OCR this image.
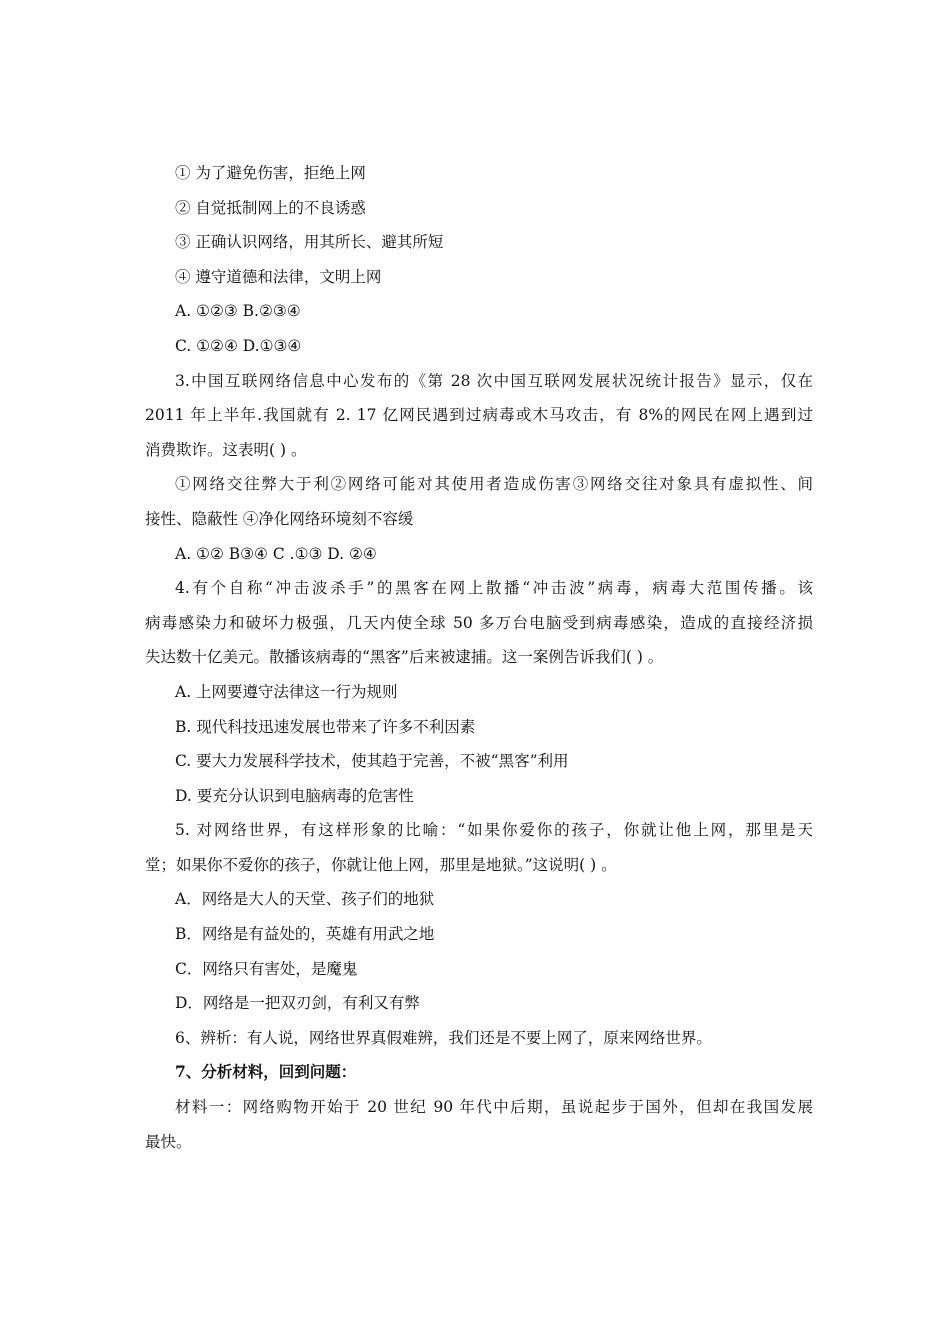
① 为了避免伤害，拒绝上网
② 自觉抵制网上的不良诱惑
③ 正确认识网络，用其所长、避其所短
④ 遵守道德和法律，文明上网
A. ①②③ B.②③④
C. ①②④ D.①③④
3.中国互联网络信息中心发布的《第 28 次中国互联网发展状况统计报告》显示，仅在
2011 年上半年.我国就有 2. 17 亿网民遇到过病毒或木马攻击，有 8%的网民在网上遇到过
消费欺诈。这表明( ) 。
①网络交往弊大于利②网络可能对其使用者造成伤害③网络交往对象具有虚拟性、间
接性、隐蔽性 ④净化网络环境刻不容缓
A. ①② B③④ C .①③ D. ②④
4.有个自称“冲击波杀手”的黑客在网上散播“冲击波”病毒，病毒大范围传播。该
病毒感染力和破坏力极强，几天内使全球 50 多万台电脑受到病毒感染，造成的直接经济损
失达数十亿美元。散播该病毒的“黑客”后来被逮捕。这一案例告诉我们( ) 。
A. 上网要遵守法律这一行为规则
B. 现代科技迅速发展也带来了许多不利因素
C. 要大力发展科学技术，使其趋于完善，不被“黑客”利用
D. 要充分认识到电脑病毒的危害性
5. 对网络世界，有这样形象的比喻：“如果你爱你的孩子，你就让他上网，那里是天
堂；如果你不爱你的孩子，你就让他上网，那里是地狱。”这说明( ) 。
A．网络是大人的天堂、孩子们的地狱
B．网络是有益处的，英雄有用武之地
C．网络只有害处，是魔鬼
D．网络是一把双刃剑，有利又有弊
6、辨析：有人说，网络世界真假难辨，我们还是不要上网了，原来网络世界。
7、分析材料，回到问题：
材料一：网络购物开始于 20 世纪 90 年代中后期，虽说起步于国外，但却在我国发展
最快。
